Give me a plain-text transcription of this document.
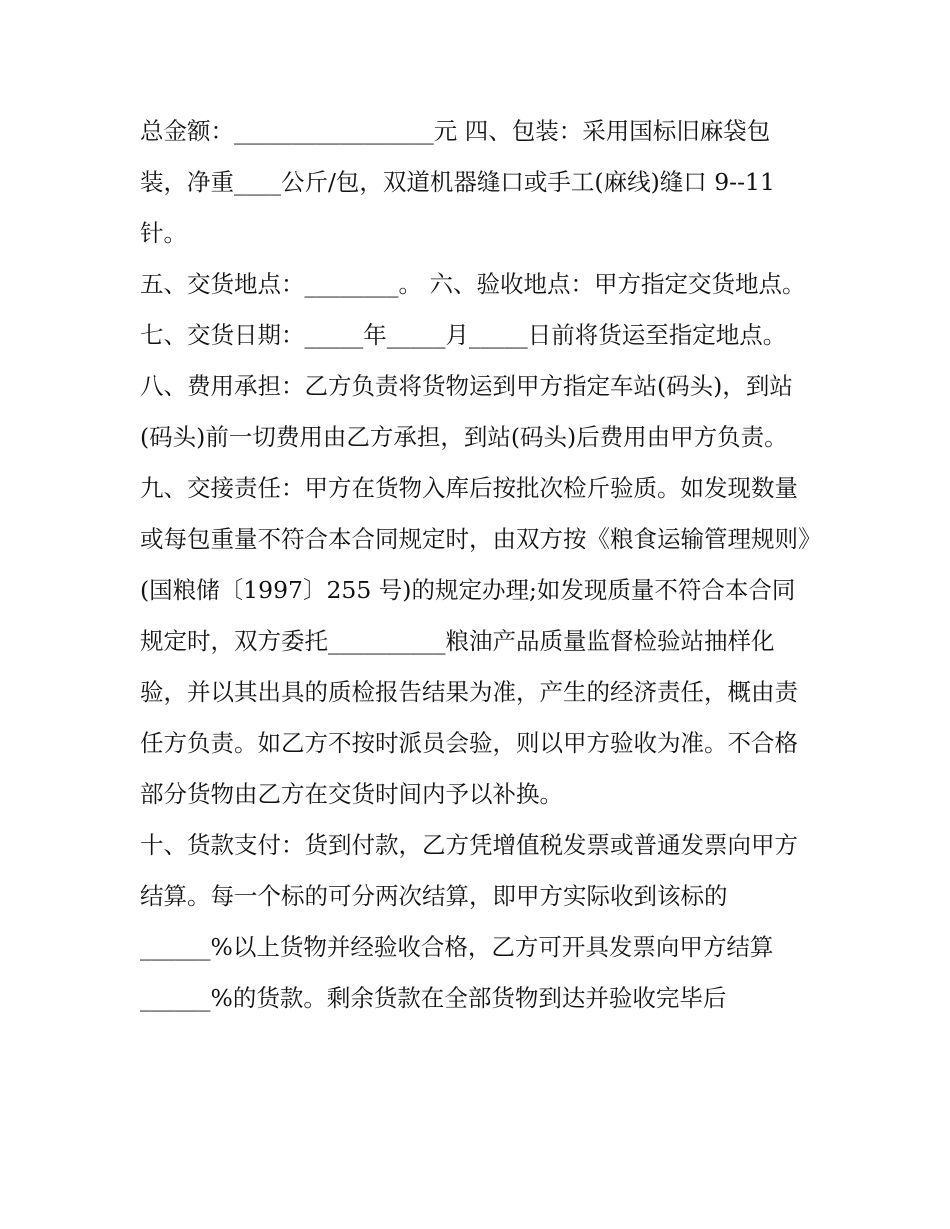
总金额：_________________元 四、包装：采用国标旧麻袋包装，净重____公斤/包，双道机器缝口或手工(麻线)缝口 9--11 针。

五、交货地点：________。 六、验收地点：甲方指定交货地点。 七、交货日期：_____年_____月_____日前将货运至指定地点。

八、费用承担：乙方负责将货物运到甲方指定车站(码头)，到站(码头)前一切费用由乙方承担，到站(码头)后费用由甲方负责。

九、交接责任：甲方在货物入库后按批次检斤验质。如发现数量或每包重量不符合本合同规定时，由双方按《粮食运输管理规则》(国粮储〔1997〕255 号)的规定办理;如发现质量不符合本合同规定时，双方委托__________粮油产品质量监督检验站抽样化验，并以其出具的质检报告结果为准，产生的经济责任，概由责任方负责。如乙方不按时派员会验，则以甲方验收为准。不合格部分货物由乙方在交货时间内予以补换。

十、货款支付：货到付款，乙方凭增值税发票或普通发票向甲方结算。每一个标的可分两次结算，即甲方实际收到该标的______%以上货物并经验收合格，乙方可开具发票向甲方结算______%的货款。剩余货款在全部货物到达并验收完毕后
